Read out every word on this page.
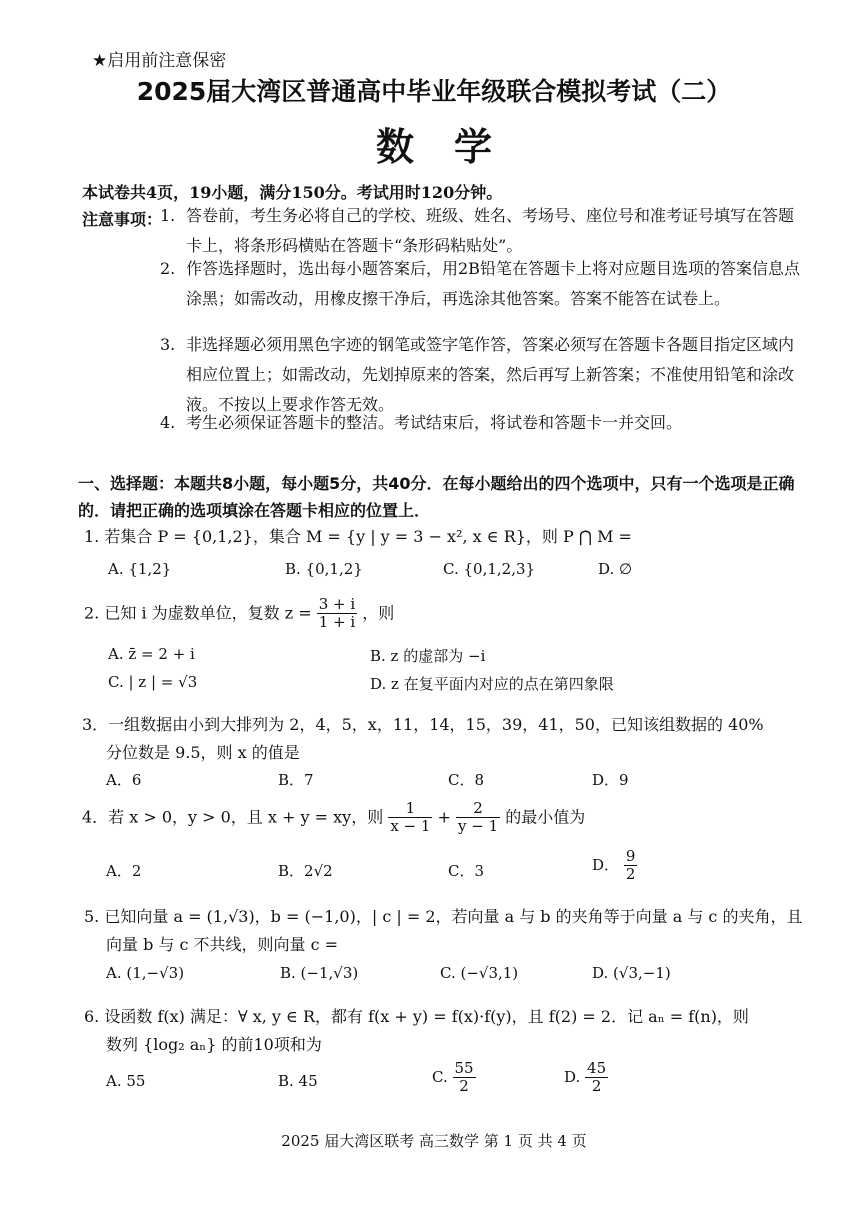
★启用前注意保密
2025届大湾区普通高中毕业年级联合模拟考试（二）
数学
本试卷共4页，19小题，满分150分。考试用时120分钟。
注意事项：
1. 答卷前，考生务必将自己的学校、班级、姓名、考场号、座位号和准考证号填写在答题卡上，将条形码横贴在答题卡“条形码粘贴处”。
2. 作答选择题时，选出每小题答案后，用2B铅笔在答题卡上将对应题目选项的答案信息点涂黑；如需改动，用橡皮擦干净后，再选涂其他答案。答案不能答在试卷上。
3. 非选择题必须用黑色字迹的钢笔或签字笔作答，答案必须写在答题卡各题目指定区域内相应位置上；如需改动，先划掉原来的答案，然后再写上新答案；不准使用铅笔和涂改液。不按以上要求作答无效。
4. 考生必须保证答题卡的整洁。考试结束后，将试卷和答题卡一并交回。
一、选择题：本题共8小题，每小题5分，共40分．在每小题给出的四个选项中，只有一个选项是正确的．请把正确的选项填涂在答题卡相应的位置上．
1. 若集合 P = {0,1,2}，集合 M = {y | y = 3 − x², x ∈ R}，则 P ⋂ M =
A. {1,2}	B. {0,1,2}	C. {0,1,2,3}	D. ∅
2. 已知 i 为虚数单位，复数 $z = \frac{3 + i}{1 + i}$ ，则
A. z̄ = 2 + i	B. z 的虚部为 −i
C. | z | = √3	D. z 在复平面内对应的点在第四象限
3．一组数据由小到大排列为 2，4，5，x，11，14，15，39，41，50，已知该组数据的 40%
分位数是 9.5，则 x 的值是
A．6	B．7	C．8	D．9
4．若 x > 0，y > 0，且 x + y = xy，则 $\frac{1}{x - 1} + \frac{2}{y - 1}$ 的最小值为
A．2	B．2√2	C．3	D． $\frac{9}{2}$
5. 已知向量 a = (1,√3)，b = (−1,0)，| c | = 2，若向量 a 与 b 的夹角等于向量 a 与 c 的夹角，且
向量 b 与 c 不共线，则向量 c =
A. (1,−√3)	B. (−1,√3)	C. (−√3,1)	D. (√3,−1)
6. 设函数 f(x) 满足：∀ x, y ∈ R，都有 f(x + y) = f(x)·f(y)，且 f(2) = 2．记 aₙ = f(n)，则
数列 {log₂ aₙ} 的前10项和为
A. 55	B. 45	C. $\frac{55}{2}$	D. $\frac{45}{2}$
2025 届大湾区联考 高三数学 第 1 页 共 4 页
